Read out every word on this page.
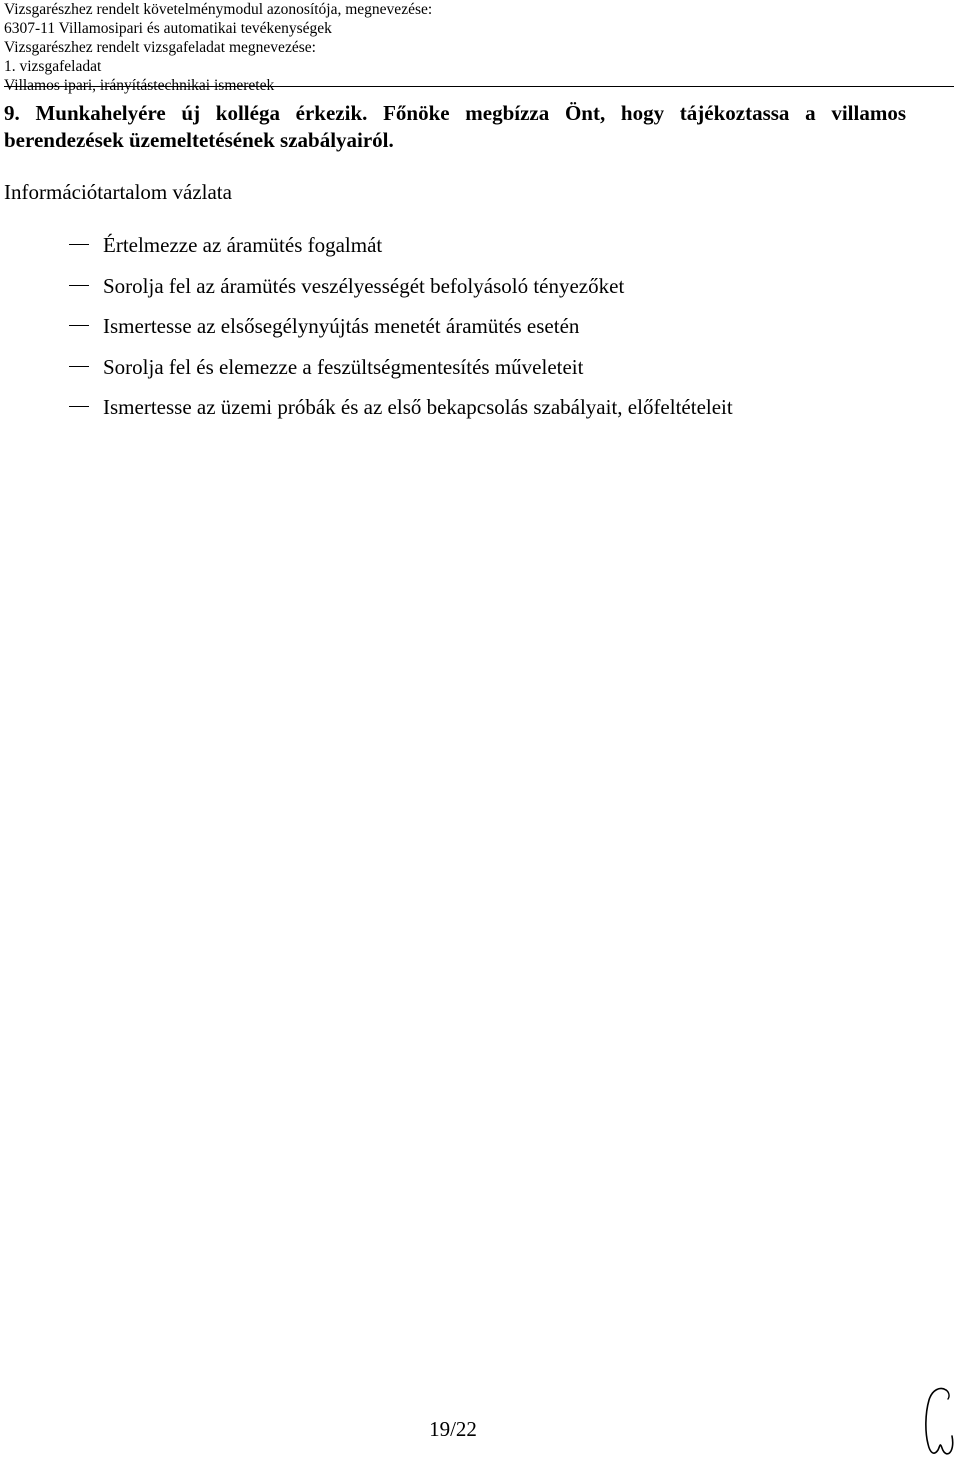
Vizsgarészhez rendelt követelménymodul azonosítója, megnevezése:
6307-11 Villamosipari és automatikai tevékenységek
Vizsgarészhez rendelt vizsgafeladat megnevezése:
1. vizsgafeladat
Villamos ipari, irányítástechnikai ismeretek
9. Munkahelyére új kolléga érkezik. Főnöke megbízza Önt, hogy tájékoztassa a villamos berendezések üzemeltetésének szabályairól.
Információtartalom vázlata
Értelmezze az áramütés fogalmát
Sorolja fel az áramütés veszélyességét befolyásoló tényezőket
Ismertesse az elsősegélynyújtás menetét áramütés esetén
Sorolja fel és elemezze a feszültségmentesítés műveleteit
Ismertesse az üzemi próbák és az első bekapcsolás szabályait, előfeltételeit
19/22
